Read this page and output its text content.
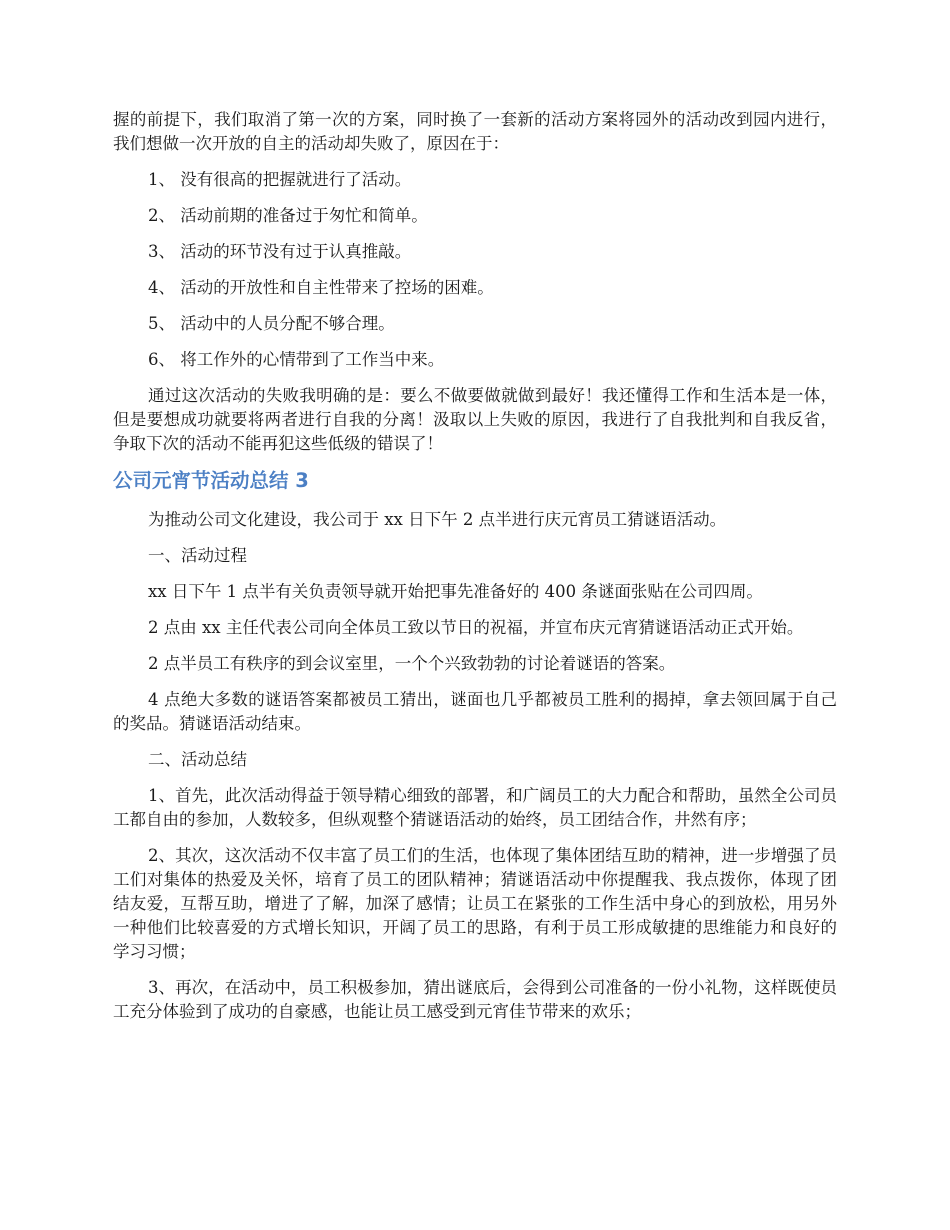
握的前提下，我们取消了第一次的方案，同时换了一套新的活动方案将园外的活动改到园内进行，我们想做一次开放的自主的活动却失败了，原因在于：

1、 没有很高的把握就进行了活动。

2、 活动前期的准备过于匆忙和简单。

3、 活动的环节没有过于认真推敲。

4、 活动的开放性和自主性带来了控场的困难。

5、 活动中的人员分配不够合理。

6、 将工作外的心情带到了工作当中来。

通过这次活动的失败我明确的是：要么不做要做就做到最好！我还懂得工作和生活本是一体，但是要想成功就要将两者进行自我的分离！汲取以上失败的原因，我进行了自我批判和自我反省，争取下次的活动不能再犯这些低级的错误了！

公司元宵节活动总结 3

为推动公司文化建设，我公司于 xx 日下午 2 点半进行庆元宵员工猜谜语活动。

一、活动过程

xx 日下午 1 点半有关负责领导就开始把事先准备好的 400 条谜面张贴在公司四周。

2 点由 xx 主任代表公司向全体员工致以节日的祝福，并宣布庆元宵猜谜语活动正式开始。

2 点半员工有秩序的到会议室里，一个个兴致勃勃的讨论着谜语的答案。

4 点绝大多数的谜语答案都被员工猜出，谜面也几乎都被员工胜利的揭掉，拿去领回属于自己的奖品。猜谜语活动结束。

二、活动总结

1、首先，此次活动得益于领导精心细致的部署，和广阔员工的大力配合和帮助，虽然全公司员工都自由的参加，人数较多，但纵观整个猜谜语活动的始终，员工团结合作，井然有序；

2、其次，这次活动不仅丰富了员工们的生活，也体现了集体团结互助的精神，进一步增强了员工们对集体的热爱及关怀，培育了员工的团队精神；猜谜语活动中你提醒我、我点拨你，体现了团结友爱，互帮互助，增进了了解，加深了感情；让员工在紧张的工作生活中身心的到放松，用另外一种他们比较喜爱的方式增长知识，开阔了员工的思路，有利于员工形成敏捷的思维能力和良好的学习习惯；

3、再次，在活动中，员工积极参加，猜出谜底后，会得到公司准备的一份小礼物，这样既使员工充分体验到了成功的自豪感，也能让员工感受到元宵佳节带来的欢乐；
